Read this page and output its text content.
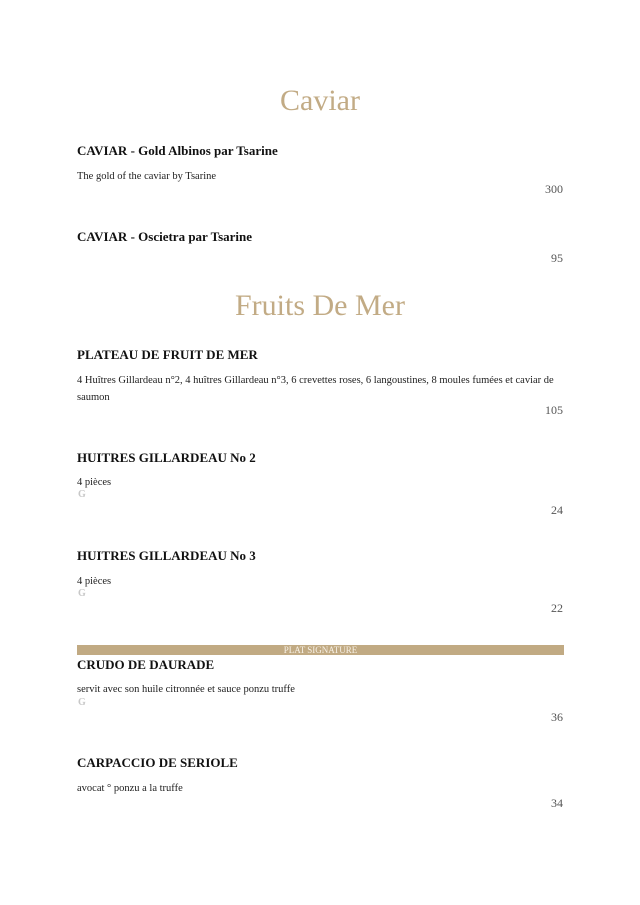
Caviar
CAVIAR - Gold Albinos par Tsarine

The gold of the caviar by Tsarine

300
CAVIAR - Oscietra par Tsarine
95
Fruits De Mer
PLATEAU DE FRUIT DE MER

4 Huîtres Gillardeau n°2, 4 huîtres Gillardeau n°3, 6 crevettes roses, 6 langoustines, 8 moules fumées et caviar de saumon

105
HUITRES GILLARDEAU No 2

4 pièces

G
24
HUITRES GILLARDEAU No 3

4 pièces

G
22
PLAT SIGNATURE
CRUDO DE DAURADE

servit avec son huile citronnée et sauce ponzu truffe

G
36
CARPACCIO DE SERIOLE

avocat ° ponzu a la truffe

34
